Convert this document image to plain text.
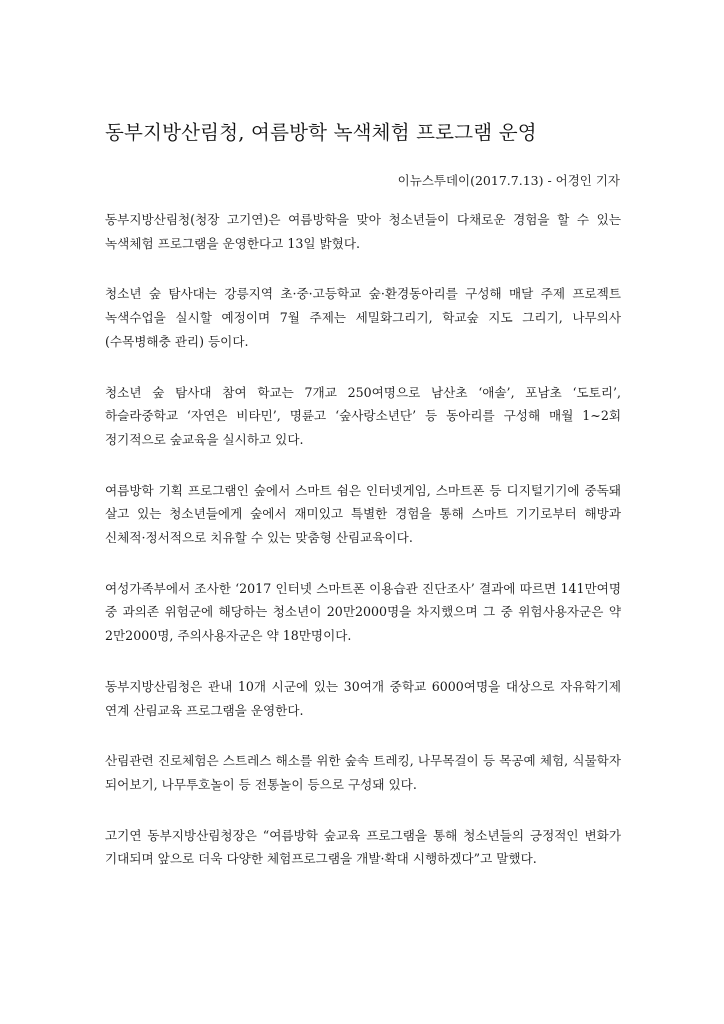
동부지방산림청, 여름방학 녹색체험 프로그램 운영

이뉴스투데이(2017.7.13) - 어경인 기자

동부지방산림청(청장 고기연)은 여름방학을 맞아 청소년들이 다채로운 경험을 할 수 있는 녹색체험 프로그램을 운영한다고 13일 밝혔다.

청소년 숲 탐사대는 강릉지역 초·중·고등학교 숲·환경동아리를 구성해 매달 주제 프로젝트 녹색수업을 실시할 예정이며 7월 주제는 세밀화그리기, 학교숲 지도 그리기, 나무의사(수목병해충 관리) 등이다.

청소년 숲 탐사대 참여 학교는 7개교 250여명으로 남산초 ‘애솔’, 포남초 ‘도토리’, 하슬라중학교 ‘자연은 비타민’, 명륜고 ‘숲사랑소년단’ 등 동아리를 구성해 매월 1~2회 정기적으로 숲교육을 실시하고 있다.

여름방학 기획 프로그램인 숲에서 스마트 쉼은 인터넷게임, 스마트폰 등 디지털기기에 중독돼 살고 있는 청소년들에게 숲에서 재미있고 특별한 경험을 통해 스마트 기기로부터 해방과 신체적·정서적으로 치유할 수 있는 맞춤형 산림교육이다.

여성가족부에서 조사한 ‘2017 인터넷 스마트폰 이용습관 진단조사’ 결과에 따르면 141만여명 중 과의존 위험군에 해당하는 청소년이 20만2000명을 차지했으며 그 중 위험사용자군은 약 2만2000명, 주의사용자군은 약 18만명이다.

동부지방산림청은 관내 10개 시군에 있는 30여개 중학교 6000여명을 대상으로 자유학기제 연계 산림교육 프로그램을 운영한다.

산림관련 진로체험은 스트레스 해소를 위한 숲속 트레킹, 나무목걸이 등 목공예 체험, 식물학자 되어보기, 나무투호놀이 등 전통놀이 등으로 구성돼 있다.

고기연 동부지방산림청장은 “여름방학 숲교육 프로그램을 통해 청소년들의 긍정적인 변화가 기대되며 앞으로 더욱 다양한 체험프로그램을 개발·확대 시행하겠다”고 말했다.
